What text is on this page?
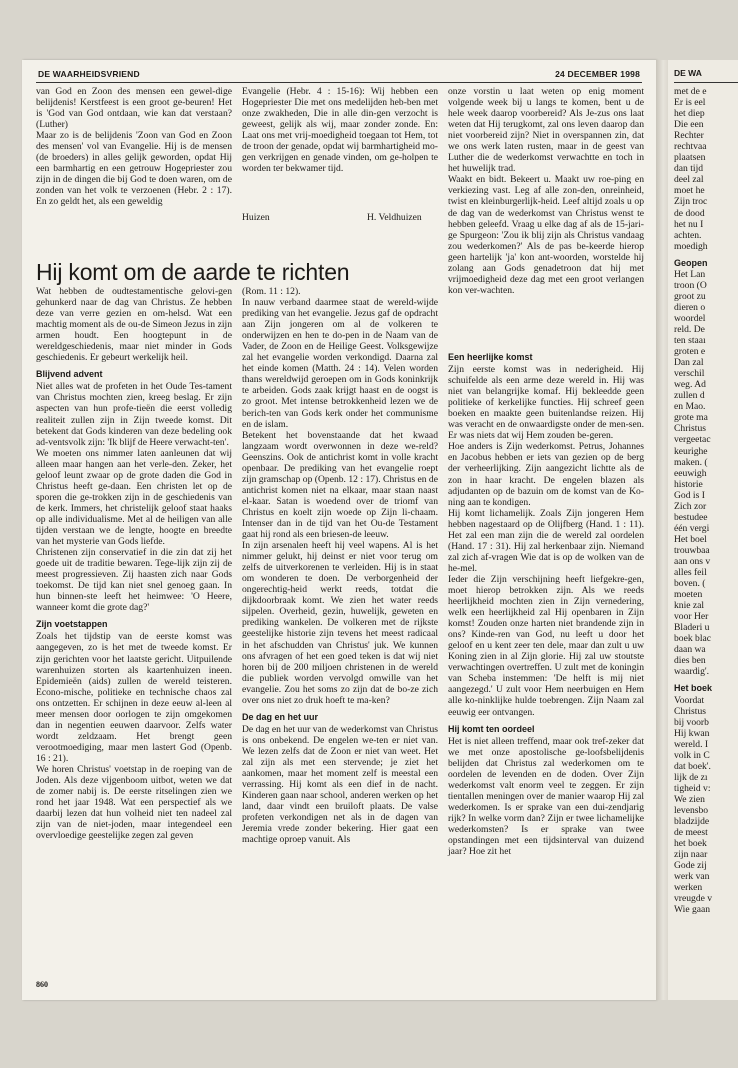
DE WAARHEIDSVRIEND	24 DECEMBER 1998

van God en Zoon des mensen een gewel-dige belijdenis! Kerstfeest is een groot ge-beuren! Het is 'God van God ontdaan, wie kan dat verstaan? (Luther)

Maar zo is de belijdenis 'Zoon van God en Zoon des mensen' vol van Evangelie. Hij is de mensen (de broeders) in alles gelijk geworden, opdat Hij een barmhartig en een getrouw Hogepriester zou zijn in de dingen die bij God te doen waren, om de zonden van het volk te verzoenen (Hebr. 2 : 17). En zo geldt het, als een geweldig

Evangelie (Hebr. 4 : 15-16): Wij hebben een Hogepriester Die met ons medelijden heb-ben met onze zwakheden, Die in alle din-gen verzocht is geweest, gelijk als wij, maar zonder zonde. En: Laat ons met vrij-moedigheid toegaan tot Hem, tot de troon der genade, opdat wij barmhartigheid mo-gen verkrijgen en genade vinden, om ge-holpen te worden ter bekwamer tijd.

Huizen	H. Veldhuizen

onze vorstin u laat weten op enig moment volgende week bij u langs te komen, bent u de hele week daarop voorbereid? Als Je-zus ons laat weten dat Hij terugkomt, zal ons leven daarop dan niet voorbereid zijn? Niet in overspannen zin, dat we ons werk laten rusten, maar in de geest van Luther die de wederkomst verwachtte en toch in het huwelijk trad.

Waakt en bidt. Bekeert u. Maakt uw roe-ping en verkiezing vast. Leg af alle zon-den, onreinheid, twist en kleinburgerlijk-heid. Leef altijd zoals u op de dag van de wederkomst van Christus wenst te hebben geleefd. Vraag u elke dag af als de 15-jari-ge Spurgeon: 'Zou ik blij zijn als Christus vandaag zou wederkomen?' Als de pas be-keerde hierop geen hartelijk 'ja' kon ant-woorden, worstelde hij zolang aan Gods genadetroon dat hij met vrijmoedigheid deze dag met een groot verlangen kon ver-wachten.

Hij komt om de aarde te richten

Wat hebben de oudtestamentische gelovi-gen gehunkerd naar de dag van Christus. Ze hebben deze van verre gezien en om-helsd. Wat een machtig moment als de ou-de Simeon Jezus in zijn armen houdt. Een hoogtepunt in de wereldgeschiedenis, maar niet minder in Gods geschiedenis. Er gebeurt werkelijk heil.

Blijvend advent

Niet alles wat de profeten in het Oude Tes-tament van Christus mochten zien, kreeg beslag. Er zijn aspecten van hun profe-tieën die eerst volledig realiteit zullen zijn in Zijn tweede komst. Dit betekent dat Gods kinderen van deze bedeling ook ad-ventsvolk zijn: 'Ik blijf de Heere verwacht-ten'.

We moeten ons nimmer laten aanleunen dat wij alleen maar hangen aan het verle-den. Zeker, het geloof leunt zwaar op de grote daden die God in Christus heeft ge-daan. Een christen let op de sporen die ge-trokken zijn in de geschiedenis van de kerk. Immers, het christelijk geloof staat haaks op alle individualisme. Met al de heiligen van alle tijden verstaan we de lengte, hoogte en breedte van het mysterie van Gods liefde.

Christenen zijn conservatief in die zin dat zij het goede uit de traditie bewaren. Tege-lijk zijn zij de meest progressieven. Zij haasten zich naar Gods toekomst. De tijd kan niet snel genoeg gaan. In hun binnen-ste leeft het heimwee: 'O Heere, wanneer komt die grote dag?'

Zijn voetstappen

Zoals het tijdstip van de eerste komst was aangegeven, zo is het met de tweede komst. Er zijn gerichten voor het laatste gericht. Uitpuilende warenhuizen storten als kaartenhuizen ineen. Epidemieën (aids) zullen de wereld teisteren. Econo-mische, politieke en technische chaos zal ons ontzetten. Er schijnen in deze eeuw al-leen al meer mensen door oorlogen te zijn omgekomen dan in negentien eeuwen daarvoor. Zelfs water wordt zeldzaam. Het brengt geen verootmoediging, maar men lastert God (Openb. 16 : 21).

We horen Christus' voetstap in de roeping van de Joden. Als deze vijgenboom uitbot, weten we dat de zomer nabij is. De eerste ritselingen zien we rond het jaar 1948. Wat een perspectief als we daarbij lezen dat hun volheid niet ten nadeel zal zijn van de niet-joden, maar integendeel een overvloedige geestelijke zegen zal geven

(Rom. 11 : 12).

In nauw verband daarmee staat de wereld-wijde prediking van het evangelie. Jezus gaf de opdracht aan Zijn jongeren om al de volkeren te onderwijzen en hen te do-pen in de Naam van de Vader, de Zoon en de Heilige Geest. Volksgewijze zal het evangelie worden verkondigd. Daarna zal het einde komen (Matth. 24 : 14). Velen worden thans wereldwijd geroepen om in Gods koninkrijk te arbeiden. Gods zaak krijgt haast en de oogst is zo groot. Met intense betrokkenheid lezen we de berich-ten van Gods kerk onder het communisme en de islam.

Betekent het bovenstaande dat het kwaad langzaam wordt overwonnen in deze we-reld? Geenszins. Ook de antichrist komt in volle kracht openbaar. De prediking van het evangelie roept zijn gramschap op (Openb. 12 : 17). Christus en de antichrist komen niet na elkaar, maar staan naast el-kaar. Satan is woedend over de triomf van Christus en koelt zijn woede op Zijn li-chaam. Intenser dan in de tijd van het Ou-de Testament gaat hij rond als een briesen-de leeuw.

In zijn arsenalen heeft hij veel wapens. Al is het nimmer gelukt, hij deinst er niet voor terug om zelfs de uitverkorenen te verleiden. Hij is in staat om wonderen te doen. De verborgenheid der ongerechtig-heid werkt reeds, totdat die dijkdoorbraak komt. We zien het water reeds sijpelen. Overheid, gezin, huwelijk, geweten en prediking wankelen. De volkeren met de rijkste geestelijke historie zijn tevens het meest radicaal in het afschudden van Christus' juk. We kunnen ons afvragen of het een goed teken is dat wij niet horen bij de 200 miljoen christenen in de wereld die publiek worden vervolgd omwille van het evangelie. Zou het soms zo zijn dat de bo-ze zich over ons niet zo druk hoeft te ma-ken?

De dag en het uur

De dag en het uur van de wederkomst van Christus is ons onbekend. De engelen we-ten er niet van. We lezen zelfs dat de Zoon er niet van weet. Het zal zijn als met een stervende; je ziet het aankomen, maar het moment zelf is meestal een verrassing. Hij komt als een dief in de nacht. Kinderen gaan naar school, anderen werken op het land, daar vindt een bruiloft plaats. De valse profeten verkondigen net als in de dagen van Jeremia vrede zonder bekering. Hier gaat een machtige oproep vanuit. Als

Een heerlijke komst

Zijn eerste komst was in nederigheid. Hij schuifelde als een arme deze wereld in. Hij was niet van belangrijke komaf. Hij bekleedde geen politieke of kerkelijke functies. Hij schreef geen boeken en maakte geen buitenlandse reizen. Hij was veracht en de onwaardigste onder de men-sen. Er was niets dat wij Hem zouden be-geren.

Hoe anders is Zijn wederkomst. Petrus, Johannes en Jacobus hebben er iets van gezien op de berg der verheerlijking. Zijn aangezicht lichtte als de zon in haar kracht. De engelen blazen als adjudanten op de bazuin om de komst van de Ko-ning aan te kondigen.

Hij komt lichamelijk. Zoals Zijn jongeren Hem hebben nagestaard op de Olijfberg (Hand. 1 : 11). Het zal een man zijn die de wereld zal oordelen (Hand. 17 : 31). Hij zal herkenbaar zijn. Niemand zal zich af-vragen Wie dat is op de wolken van de he-mel.

Ieder die Zijn verschijning heeft liefgekre-gen, moet hierop betrokken zijn. Als we reeds heerlijkheid mochten zien in Zijn vernedering, welk een heerlijkheid zal Hij openbaren in Zijn komst! Zouden onze harten niet brandende zijn in ons? Kinde-ren van God, nu leeft u door het geloof en u kent zeer ten dele, maar dan zult u uw Koning zien in al Zijn glorie. Hij zal uw stoutste verwachtingen overtreffen. U zult met de koningin van Scheba instemmen: 'De helft is mij niet aangezegd.' U zult voor Hem neerbuigen en Hem alle ko-ninklijke hulde toebrengen. Zijn Naam zal eeuwig eer ontvangen.

Hij komt ten oordeel

Het is niet alleen treffend, maar ook tref-zeker dat we met onze apostolische ge-loofsbelijdenis belijden dat Christus zal wederkomen om te oordelen de levenden en de doden. Over Zijn wederkomst valt enorm veel te zeggen. Er zijn tientallen meningen over de manier waarop Hij zal wederkomen. Is er sprake van een dui-zendjarig rijk? In welke vorm dan? Zijn er twee lichamelijke wederkomsten? Is er sprake van twee opstandingen met een tijdsinterval van duizend jaar? Hoe zit het

860
DE WA

met de e

Er is eel

het diep

Die een

Rechter

rechtvaa

plaatsen

dan tijd

deel zal

moet he

Zijn troc

de dood

het nu I

achten.

moedigh

Geopen

Het Lan

troon (O

groot zu

dieren o

woordel

reld. De

ten staaı

groten e

Dan zal

verschil

weg. Ad

zullen d

en Mao.

grote ma

Christus

vergeetac

keurighe

maken. (

eeuwigh

historie

God is I

Zich zor

bestudee

één vergi

Het boel

trouwbaa

aan ons v

alles feil

boven. (

moeten

knie zal

voor Her

Bladeri u

boek blac

daan wa

dies ben

waardig'.

Het boek

Voordat

Christus

bij voorb

Hij kwan

wereld. I

volk in C

dat boek'.

lijk de zı

tigheid v:

We zien

levensbo

bladzijde

de meest

het boek

zijn naar

Gode zij

werk van

werken

vreugde v

Wie gaan
